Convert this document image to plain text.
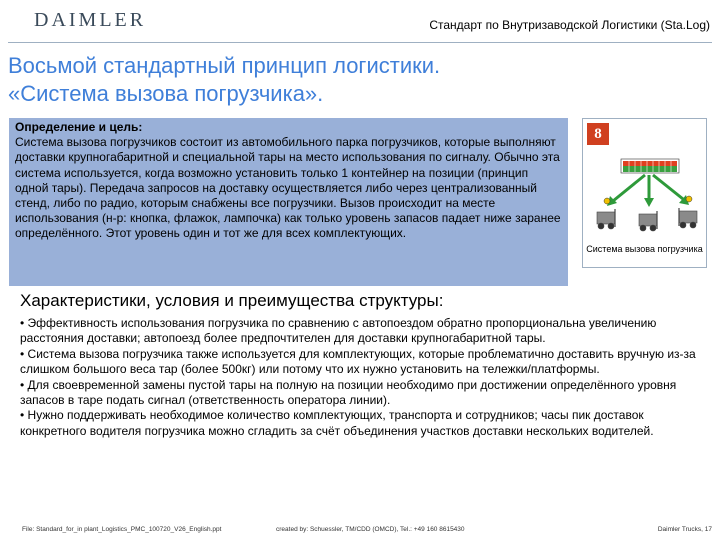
DAIMLER	Стандарт по Внутризаводской Логистики (Sta.Log)
Восьмой стандартный принцип логистики.
«Система вызова погрузчика».
Определение и цель:
Система вызова погрузчиков состоит из автомобильного парка погрузчиков, которые выполняют доставки крупногабаритной и специальной тары на место использования по сигналу. Обычно эта система используется, когда возможно установить только 1 контейнер на позиции (принцип одной тары). Передача запросов на доставку осуществляется либо через централизованный стенд, либо по радио, которым снабжены все погрузчики. Вызов происходит на месте использования (н-р: кнопка, флажок, лампочка) как только уровень запасов падает ниже заранее определённого. Этот уровень один и тот же для всех комплектующих.
8
Система вызова погрузчика
Характеристики, условия и преимущества структуры:
• Эффективность использования погрузчика по сравнению с автопоездом обратно пропорциональна увеличению расстояния доставки; автопоезд более предпочтителен для доставки крупногабаритной тары.
• Система вызова погрузчика также используется для комплектующих, которые проблематично доставить вручную из-за слишком большого веса тар (более 500кг) или потому что их нужно установить на тележки/платформы.
• Для своевременной замены пустой тары на полную на позиции необходимо при достижении определённого уровня запасов в таре подать сигнал (ответственность оператора линии).
• Нужно поддерживать необходимое количество комплектующих, транспорта и сотрудников; часы пик доставок конкретного водителя погрузчика можно сгладить за счёт объединения участков доставки нескольких водителей.
File: Standard_for_in plant_Logistics_PMC_100720_V26_English.ppt	created by: Schuessler, TM/CDD (OMCD), Tel.: +49 160 8615430	Daimler Trucks, 17
